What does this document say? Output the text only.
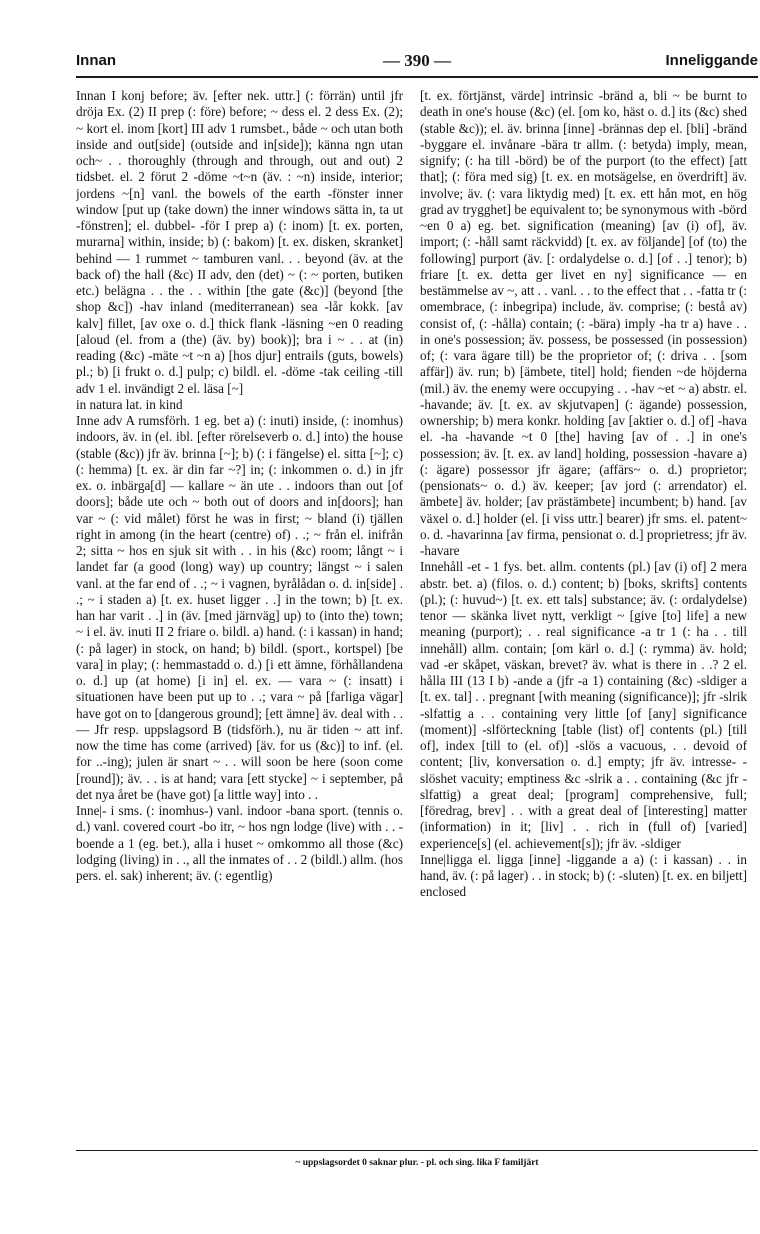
— 390 —
Innan	Inneliggande

Innan I konj before; äv. [efter nek. uttr.] (: förrän) until jfr dröja Ex. (2) II prep (: före) before; ~ dess el. 2 dess Ex. (2); ~ kort el. inom [kort] III adv 1 rumsbet., både ~ och utan both inside and out[side] (outside and in[side]); känna ngn utan och~ . . thoroughly (through and through, out and out) 2 tidsbet. el. 2 förut 2 -döme ~t~n (äv. : ~n) inside, interior; jordens ~[n] vanl. the bowels of the earth -fönster inner window [put up (take down) the inner windows sätta in, ta ut -fönstren]; el. dubbel- -för I prep a) (: inom) [t. ex. porten, murarna] within, inside; b) (: bakom) [t. ex. disken, skranket] behind — 1 rummet ~ tamburen vanl. . . beyond (äv. at the back of) the hall (&c) II adv, den (det) ~ (: ~ porten, butiken etc.) belägna . . the . . within [the gate (&c)] (beyond [the shop &c]) -hav inland (mediterranean) sea -lår kokk. [av kalv] fillet, [av oxe o. d.] thick flank -läsning ~en 0 reading [aloud (el. from a (the) (äv. by) book)]; bra i ~ . . at (in) reading (&c) -mäte ~t ~n a) [hos djur] entrails (guts, bowels) pl.; b) [i frukt o. d.] pulp; c) bildl. el. -döme -tak ceiling -till adv 1 el. invändigt 2 el. läsa [~]

in natura lat. in kind

Inne adv A rumsförh. 1 eg. bet a) (: inuti) inside, (: inomhus) indoors, äv. in (el. ibl. [efter rörelseverb o. d.] into) the house (stable (&c)) jfr äv. brinna [~]; b) (: i fängelse) el. sitta [~]; c) (: hemma) [t. ex. är din far ~?] in; (: inkommen o. d.) in jfr ex. o. inbärga[d] — kallare ~ än ute . . indoors than out [of doors]; både ute och ~ both out of doors and in[doors]; han var ~ (: vid målet) först he was in first; ~ bland (i) tjällen right in among (in the heart (centre) of) . .; ~ från el. inifrån 2; sitta ~ hos en sjuk sit with . . in his (&c) room; långt ~ i landet far (a good (long) way) up country; längst ~ i salen vanl. at the far end of . .; ~ i vagnen, byrålådan o. d. in[side] . .; ~ i staden a) [t. ex. huset ligger . .] in the town; b) [t. ex. han har varit . .] in (äv. [med järnväg] up) to (into the) town; ~ i el. äv. inuti II 2 friare o. bildl. a) hand. (: i kassan) in hand; (: på lager) in stock, on hand; b) bildl. (sport., kortspel) [be vara] in play; (: hemmastadd o. d.) [i ett ämne, förhållandena o. d.] up (at home) [i in] el. ex. — vara ~ (: insatt) i situationen have been put up to . .; vara ~ på [farliga vägar] have got on to [dangerous ground]; [ett ämne] äv. deal with . . — Jfr resp. uppslagsord B (tidsförh.), nu är tiden ~ att inf. now the time has come (arrived) [äv. for us (&c)] to inf. (el. for ..-ing); julen är snart ~ . . will soon be here (soon come [round]); äv. . . is at hand; vara [ett stycke] ~ i september, på det nya året be (have got) [a little way] into . .

Inne|- i sms. (: inomhus-) vanl. indoor -bana sport. (tennis o. d.) vanl. covered court -bo itr, ~ hos ngn lodge (live) with . . -boende a 1 (eg. bet.), alla i huset ~ omkommo all those (&c) lodging (living) in . ., all the inmates of . . 2 (bildl.) allm. (hos pers. el. sak) inherent; äv. (: egentlig)

[t. ex. förtjänst, värde] intrinsic -bränd a, bli ~ be burnt to death in one's house (&c) (el. [om ko, häst o. d.] its (&c) shed (stable &c)); el. äv. brinna [inne] -brännas dep el. [bli] -bränd -byggare el. invånare -bära tr allm. (: betyda) imply, mean, signify; (: ha till -börd) be of the purport (to the effect) [att that]; (: föra med sig) [t. ex. en motsägelse, en överdrift] äv. involve; äv. (: vara liktydig med) [t. ex. ett hån mot, en hög grad av trygghet] be equivalent to; be synonymous with -börd ~en 0 a) eg. bet. signification (meaning) [av (i) of], äv. import; (: -håll samt räckvidd) [t. ex. av följande] [of (to) the following] purport (äv. [: ordalydelse o. d.] [of . .] tenor); b) friare [t. ex. detta ger livet en ny] significance — en bestämmelse av ~, att . . vanl. . . to the effect that . . -fatta tr (: omembrace, (: inbegripa) include, äv. comprise; (: bestå av) consist of, (: -hålla) contain; (: -bära) imply -ha tr a) have . . in one's possession; äv. possess, be possessed (in possession) of; (: vara ägare till) be the proprietor of; (: driva . . [som affär]) äv. run; b) [ämbete, titel] hold; fienden ~de höjderna (mil.) äv. the enemy were occupying . . -hav ~et ~ a) abstr. el. -havande; äv. [t. ex. av skjutvapen] (: ägande) possession, ownership; b) mera konkr. holding [av [aktier o. d.] of] -hava el. -ha -havande ~t 0 [the] having [av of . .] in one's possession; äv. [t. ex. av land] holding, possession -havare a) (: ägare) possessor jfr ägare; (affärs~ o. d.) proprietor; (pensionats~ o. d.) äv. keeper; [av jord (: arrendator) el. ämbete] äv. holder; [av prästämbete] incumbent; b) hand. [av växel o. d.] holder (el. [i viss uttr.] bearer) jfr sms. el. patent~ o. d. -havarinna [av firma, pensionat o. d.] proprietress; jfr äv. -havare

Innehåll -et - 1 fys. bet. allm. contents (pl.) [av (i) of] 2 mera abstr. bet. a) (filos. o. d.) content; b) [boks, skrifts] contents (pl.); (: huvud~) [t. ex. ett tals] substance; äv. (: ordalydelse) tenor — skänka livet nytt, verkligt ~ [give [to] life] a new meaning (purport); . . real significance -a tr 1 (: ha . . till innehåll) allm. contain; [om kärl o. d.] (: rymma) äv. hold; vad -er skåpet, väskan, brevet? äv. what is there in . .? 2 el. hålla III (13 I b) -ande a (jfr -a 1) containing (&c) -sldiger a [t. ex. tal] . . pregnant [with meaning (significance)]; jfr -slrik -slfattig a . . containing very little [of [any] significance (moment)] -slförteckning [table (list) of] contents (pl.) [till of], index [till to (el. of)] -slös a vacuous, . . devoid of content; [liv, konversation o. d.] empty; jfr äv. intresse- -slöshet vacuity; emptiness &c -slrik a . . containing (&c jfr -slfattig) a great deal; [program] comprehensive, full; [föredrag, brev] . . with a great deal of [interesting] matter (information) in it; [liv] . . rich in (full of) [varied] experience[s] (el. achievement[s]); jfr äv. -sldiger

Inne|ligga el. ligga [inne] -liggande a a) (: i kassan) . . in hand, äv. (: på lager) . . in stock; b) (: -sluten) [t. ex. en biljett] enclosed

~ uppslagsordet 0 saknar plur. - pl. och sing. lika F familjärt
